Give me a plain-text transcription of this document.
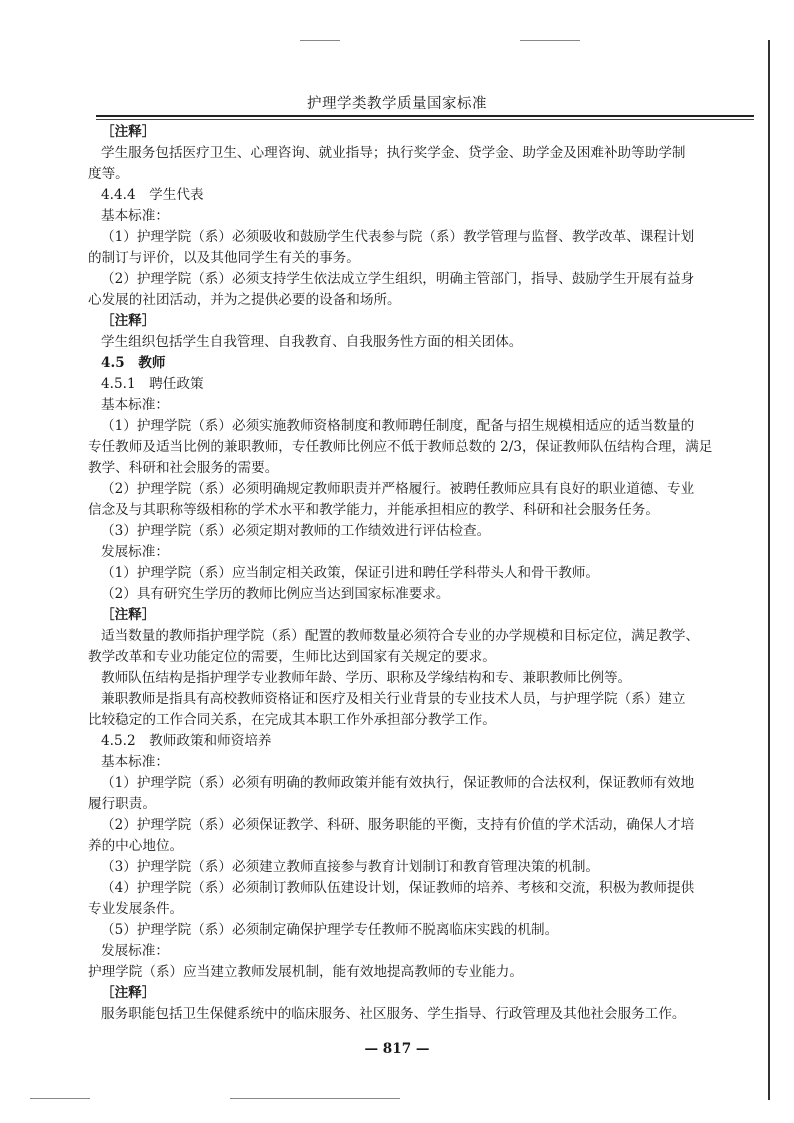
护理学类教学质量国家标准
［注释］
学生服务包括医疗卫生、心理咨询、就业指导；执行奖学金、贷学金、助学金及困难补助等助学制
度等。
4.4.4　学生代表
基本标准：
（1）护理学院（系）必须吸收和鼓励学生代表参与院（系）教学管理与监督、教学改革、课程计划
的制订与评价，以及其他同学生有关的事务。
（2）护理学院（系）必须支持学生依法成立学生组织，明确主管部门，指导、鼓励学生开展有益身
心发展的社团活动，并为之提供必要的设备和场所。
［注释］
学生组织包括学生自我管理、自我教育、自我服务性方面的相关团体。
4.5　教师
4.5.1　聘任政策
基本标准：
（1）护理学院（系）必须实施教师资格制度和教师聘任制度，配备与招生规模相适应的适当数量的
专任教师及适当比例的兼职教师，专任教师比例应不低于教师总数的 2/3，保证教师队伍结构合理，满足
教学、科研和社会服务的需要。
（2）护理学院（系）必须明确规定教师职责并严格履行。被聘任教师应具有良好的职业道德、专业
信念及与其职称等级相称的学术水平和教学能力，并能承担相应的教学、科研和社会服务任务。
（3）护理学院（系）必须定期对教师的工作绩效进行评估检查。
发展标准：
（1）护理学院（系）应当制定相关政策，保证引进和聘任学科带头人和骨干教师。
（2）具有研究生学历的教师比例应当达到国家标准要求。
［注释］
适当数量的教师指护理学院（系）配置的教师数量必须符合专业的办学规模和目标定位，满足教学、
教学改革和专业功能定位的需要，生师比达到国家有关规定的要求。
教师队伍结构是指护理学专业教师年龄、学历、职称及学缘结构和专、兼职教师比例等。
兼职教师是指具有高校教师资格证和医疗及相关行业背景的专业技术人员，与护理学院（系）建立
比较稳定的工作合同关系，在完成其本职工作外承担部分教学工作。
4.5.2　教师政策和师资培养
基本标准：
（1）护理学院（系）必须有明确的教师政策并能有效执行，保证教师的合法权利，保证教师有效地
履行职责。
（2）护理学院（系）必须保证教学、科研、服务职能的平衡，支持有价值的学术活动，确保人才培
养的中心地位。
（3）护理学院（系）必须建立教师直接参与教育计划制订和教育管理决策的机制。
（4）护理学院（系）必须制订教师队伍建设计划，保证教师的培养、考核和交流，积极为教师提供
专业发展条件。
（5）护理学院（系）必须制定确保护理学专任教师不脱离临床实践的机制。
发展标准：
护理学院（系）应当建立教师发展机制，能有效地提高教师的专业能力。
［注释］
服务职能包括卫生保健系统中的临床服务、社区服务、学生指导、行政管理及其他社会服务工作。
— 817 —
